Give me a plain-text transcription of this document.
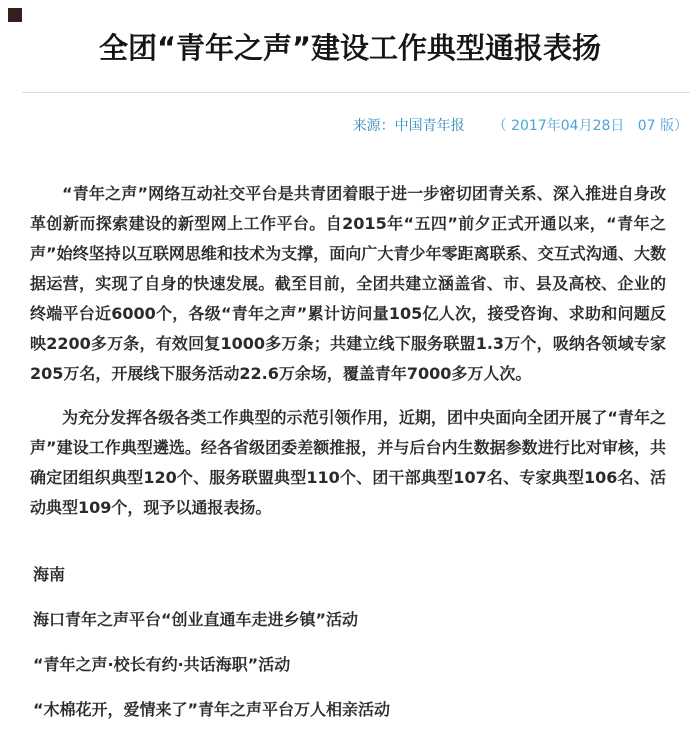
全团“青年之声”建设工作典型通报表扬

来源：中国青年报 （ 2017年04月28日   07 版）

“青年之声”网络互动社交平台是共青团着眼于进一步密切团青关系、深入推进自身改革创新而探索建设的新型网上工作平台。自2015年“五四”前夕正式开通以来，“青年之声”始终坚持以互联网思维和技术为支撑，面向广大青少年零距离联系、交互式沟通、大数据运营，实现了自身的快速发展。截至目前，全团共建立涵盖省、市、县及高校、企业的终端平台近6000个，各级“青年之声”累计访问量105亿人次，接受咨询、求助和问题反映2200多万条，有效回复1000多万条；共建立线下服务联盟1.3万个，吸纳各领域专家205万名，开展线下服务活动22.6万余场，覆盖青年7000多万人次。

为充分发挥各级各类工作典型的示范引领作用，近期，团中央面向全团开展了“青年之声”建设工作典型遴选。经各省级团委差额推报，并与后台内生数据参数进行比对审核，共确定团组织典型120个、服务联盟典型110个、团干部典型107名、专家典型106名、活动典型109个，现予以通报表扬。

海南
海口青年之声平台“创业直通车走进乡镇”活动
“青年之声·校长有约·共话海职”活动
“木棉花开，爱情来了”青年之声平台万人相亲活动
